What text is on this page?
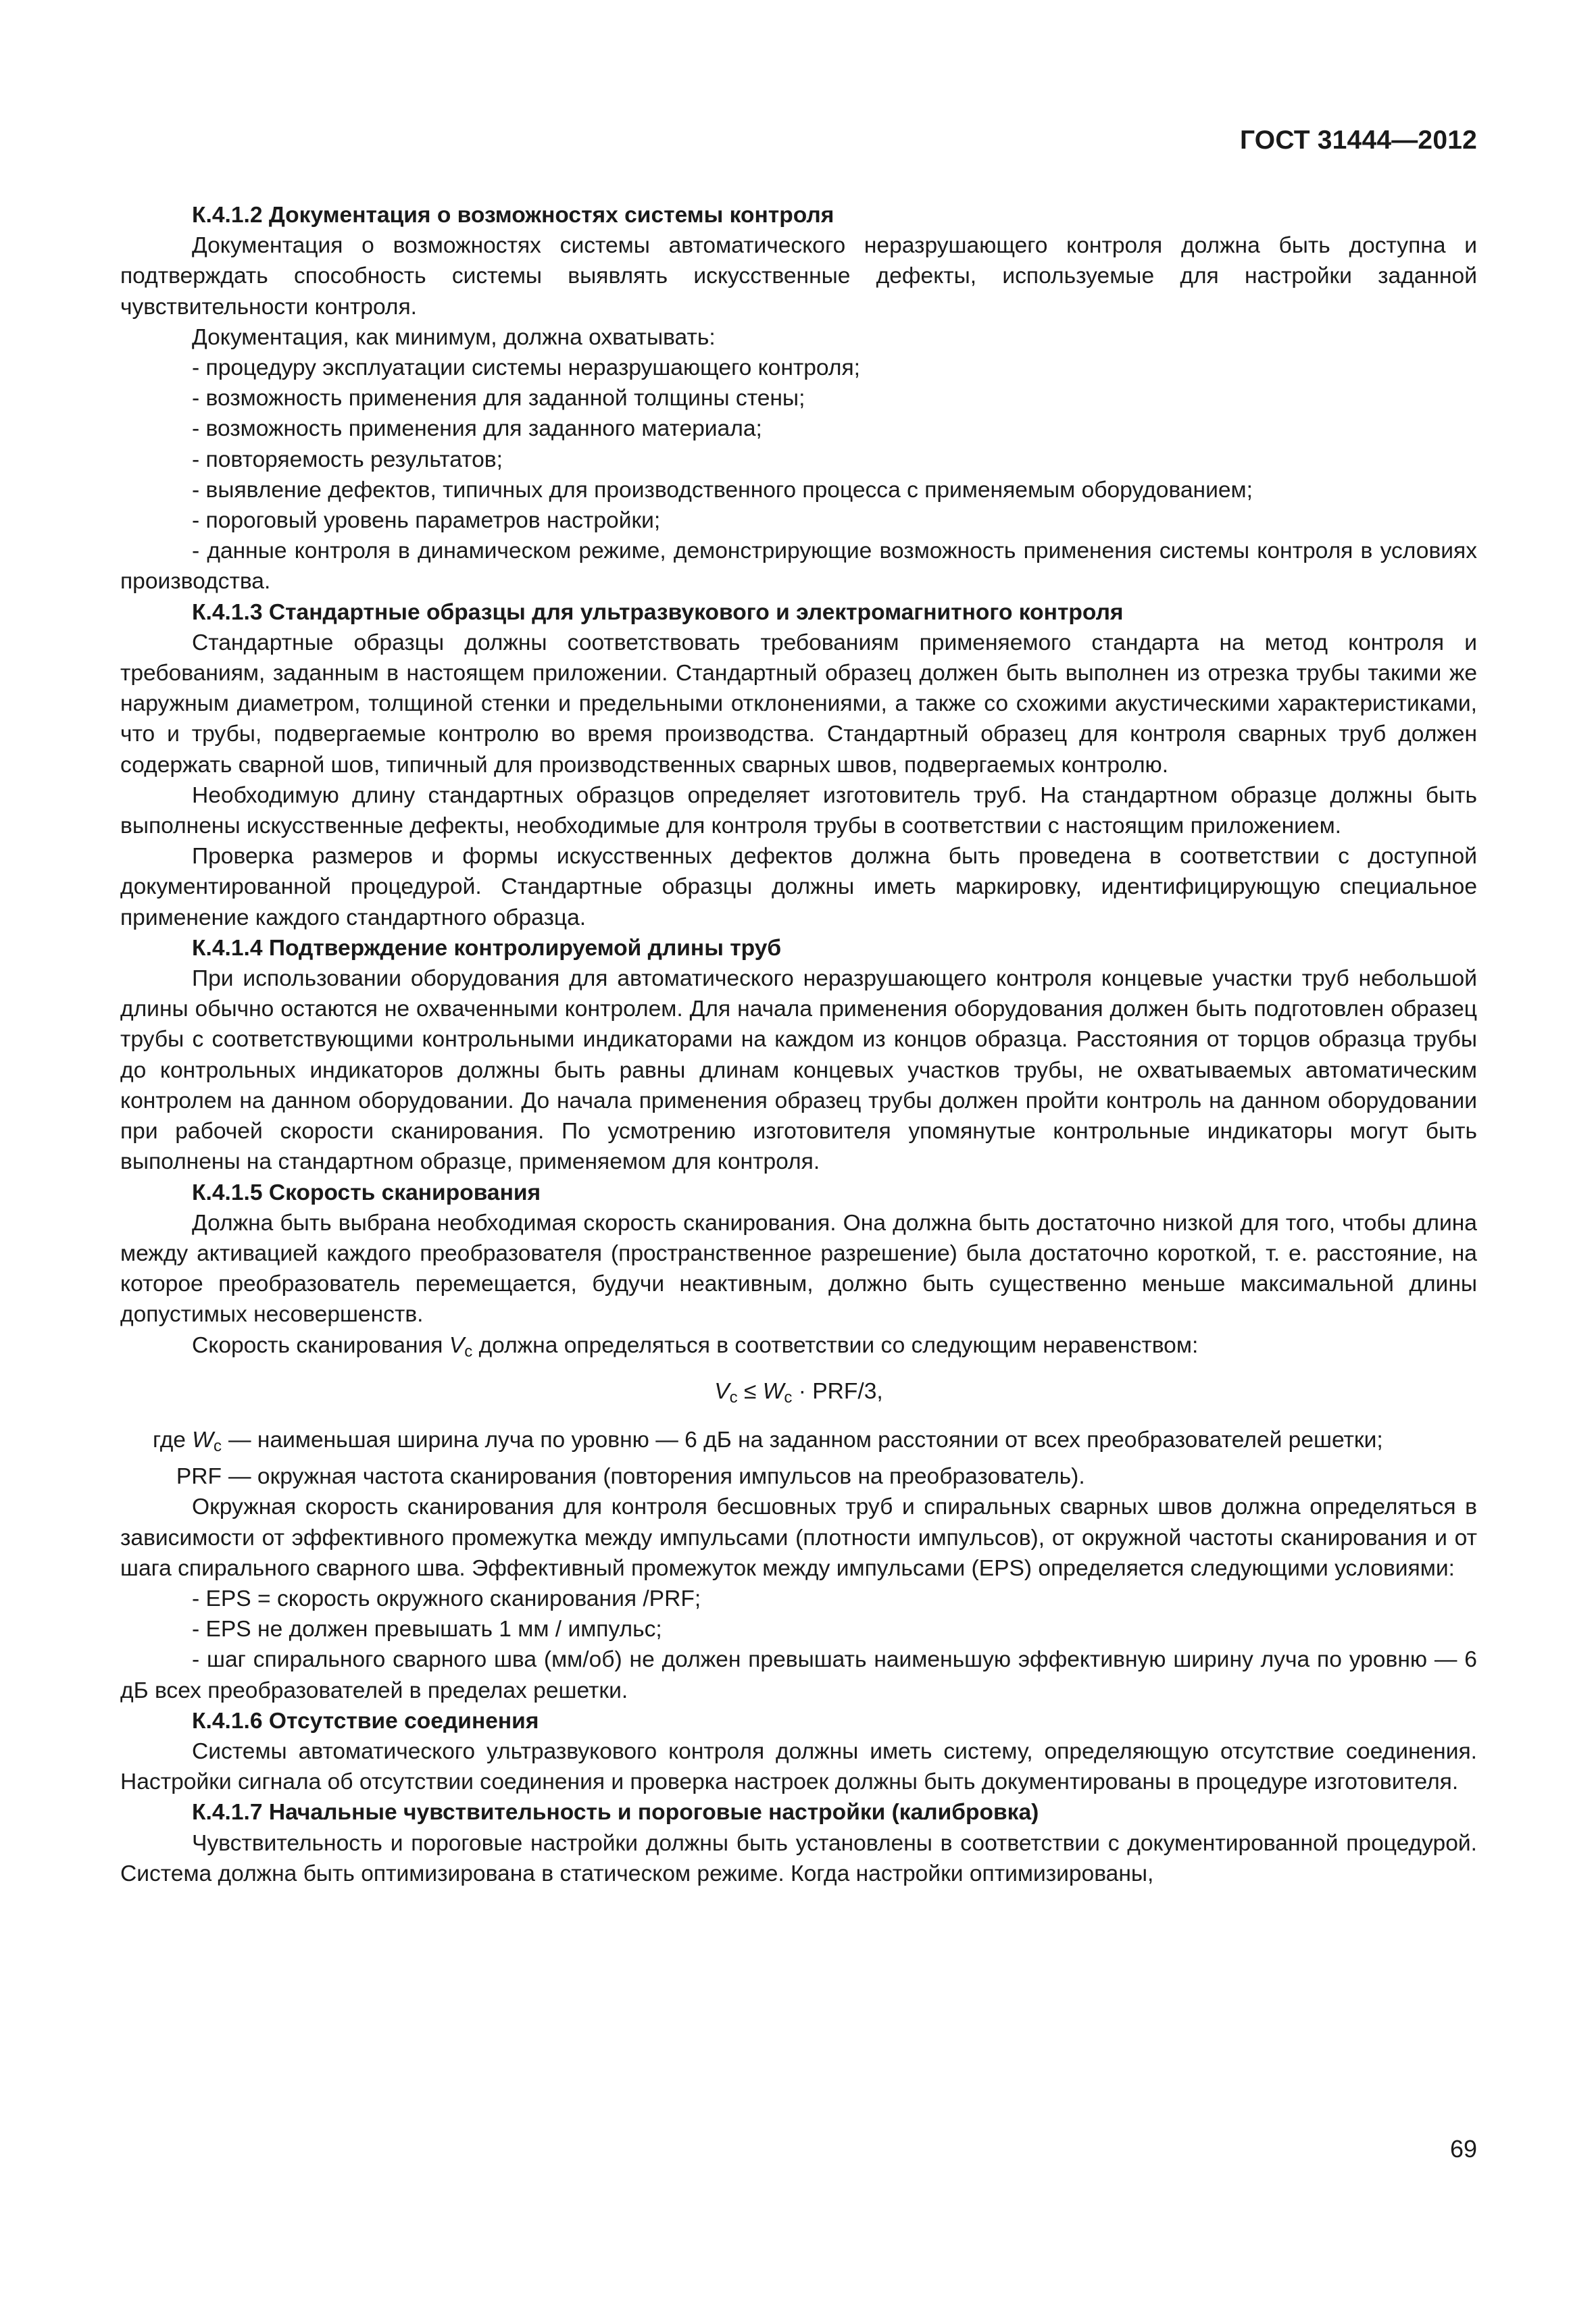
ГОСТ 31444—2012

К.4.1.2 Документация о возможностях системы контроля

Документация о возможностях системы автоматического неразрушающего контроля должна быть доступна и подтверждать способность системы выявлять искусственные дефекты, используемые для настройки заданной чувствительности контроля.

Документация, как минимум, должна охватывать:

- процедуру эксплуатации системы неразрушающего контроля;

- возможность применения для заданной толщины стены;

- возможность применения для заданного материала;

- повторяемость результатов;

- выявление дефектов, типичных для производственного процесса с применяемым оборудованием;

- пороговый уровень параметров настройки;

- данные контроля в динамическом режиме, демонстрирующие возможность применения системы контроля в условиях производства.

К.4.1.3 Стандартные образцы для ультразвукового и электромагнитного контроля

Стандартные образцы должны соответствовать требованиям применяемого стандарта на метод контроля и требованиям, заданным в настоящем приложении. Стандартный образец должен быть выполнен из отрезка трубы такими же наружным диаметром, толщиной стенки и предельными отклонениями, а также со схожими акустическими характеристиками, что и трубы, подвергаемые контролю во время производства. Стандартный образец для контроля сварных труб должен содержать сварной шов, типичный для производственных сварных швов, подвергаемых контролю.

Необходимую длину стандартных образцов определяет изготовитель труб. На стандартном образце должны быть выполнены искусственные дефекты, необходимые для контроля трубы в соответствии с настоящим приложением.

Проверка размеров и формы искусственных дефектов должна быть проведена в соответствии с доступной документированной процедурой. Стандартные образцы должны иметь маркировку, идентифицирующую специальное применение каждого стандартного образца.

К.4.1.4 Подтверждение контролируемой длины труб

При использовании оборудования для автоматического неразрушающего контроля концевые участки труб небольшой длины обычно остаются не охваченными контролем. Для начала применения оборудования должен быть подготовлен образец трубы с соответствующими контрольными индикаторами на каждом из концов образца. Расстояния от торцов образца трубы до контрольных индикаторов должны быть равны длинам концевых участков трубы, не охватываемых автоматическим контролем на данном оборудовании. До начала применения образец трубы должен пройти контроль на данном оборудовании при рабочей скорости сканирования. По усмотрению изготовителя упомянутые контрольные индикаторы могут быть выполнены на стандартном образце, применяемом для контроля.

К.4.1.5 Скорость сканирования

Должна быть выбрана необходимая скорость сканирования. Она должна быть достаточно низкой для того, чтобы длина между активацией каждого преобразователя (пространственное разрешение) была достаточно короткой, т. е. расстояние, на которое преобразователь перемещается, будучи неактивным, должно быть существенно меньше максимальной длины допустимых несовершенств.

Скорость сканирования $V_c$ должна определяться в соответствии со следующим неравенством:

$V_c \le W_c \cdot PRF/3$,

где $W_c$ — наименьшая ширина луча по уровню — 6 дБ на заданном расстоянии от всех преобразователей решетки;
PRF — окружная частота сканирования (повторения импульсов на преобразователь).

Окружная скорость сканирования для контроля бесшовных труб и спиральных сварных швов должна определяться в зависимости от эффективного промежутка между импульсами (плотности импульсов), от окружной частоты сканирования и от шага спирального сварного шва. Эффективный промежуток между импульсами (EPS) определяется следующими условиями:

- EPS = скорость окружного сканирования /PRF;

- EPS не должен превышать 1 мм / импульс;

- шаг спирального сварного шва (мм/об) не должен превышать наименьшую эффективную ширину луча по уровню — 6 дБ всех преобразователей в пределах решетки.

К.4.1.6 Отсутствие соединения

Системы автоматического ультразвукового контроля должны иметь систему, определяющую отсутствие соединения. Настройки сигнала об отсутствии соединения и проверка настроек должны быть документированы в процедуре изготовителя.

К.4.1.7 Начальные чувствительность и пороговые настройки (калибровка)

Чувствительность и пороговые настройки должны быть установлены в соответствии с документированной процедурой. Система должна быть оптимизирована в статическом режиме. Когда настройки оптимизированы,

69
